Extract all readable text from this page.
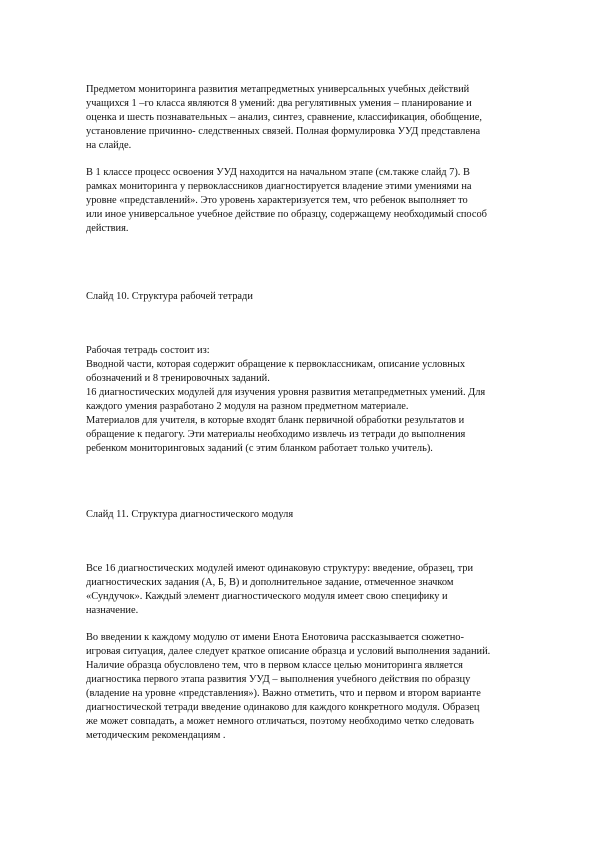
Предметом мониторинга развития метапредметных универсальных учебных действий
учащихся 1 –го класса являются 8 умений: два регулятивных умения – планирование и
оценка и шесть познавательных – анализ, синтез, сравнение, классификация, обобщение,
установление причинно- следственных связей. Полная формулировка УУД представлена
на слайде.
В 1 классе процесс освоения УУД находится на начальном этапе (см.также слайд 7). В
рамках мониторинга у первоклассников диагностируется владение этими умениями на
уровне «представлений». Это уровень характеризуется тем, что ребенок выполняет то
или иное универсальное учебное действие по образцу, содержащему необходимый способ
действия.
Слайд 10. Структура рабочей тетради
Рабочая тетрадь состоит из:
Вводной части, которая содержит обращение к первоклассникам, описание условных
обозначений и 8 тренировочных заданий.
16 диагностических модулей для изучения уровня развития метапредметных умений. Для
каждого умения разработано 2 модуля на разном предметном материале.
Материалов для учителя, в которые входят бланк первичной обработки результатов и
обращение к педагогу. Эти материалы необходимо извлечь из тетради до выполнения
ребенком мониторинговых заданий (с этим бланком работает только учитель).
Слайд 11. Структура диагностического модуля
Все 16 диагностических модулей имеют одинаковую структуру: введение, образец, три
диагностических задания (А, Б, В) и дополнительное задание, отмеченное значком
«Сундучок». Каждый элемент диагностического модуля имеет свою специфику и
назначение.
Во введении к каждому модулю от имени Енота Енотовича рассказывается сюжетно-
игровая ситуация, далее следует краткое описание образца и условий выполнения заданий.
Наличие образца обусловлено тем, что в первом классе целью мониторинга является
диагностика первого этапа развития УУД – выполнения учебного действия по образцу
(владение на уровне «представления»). Важно отметить, что и первом и втором варианте
диагностической тетради введение одинаково для каждого конкретного модуля. Образец
же может совпадать, а может немного отличаться, поэтому необходимо четко следовать
методическим рекомендациям .
